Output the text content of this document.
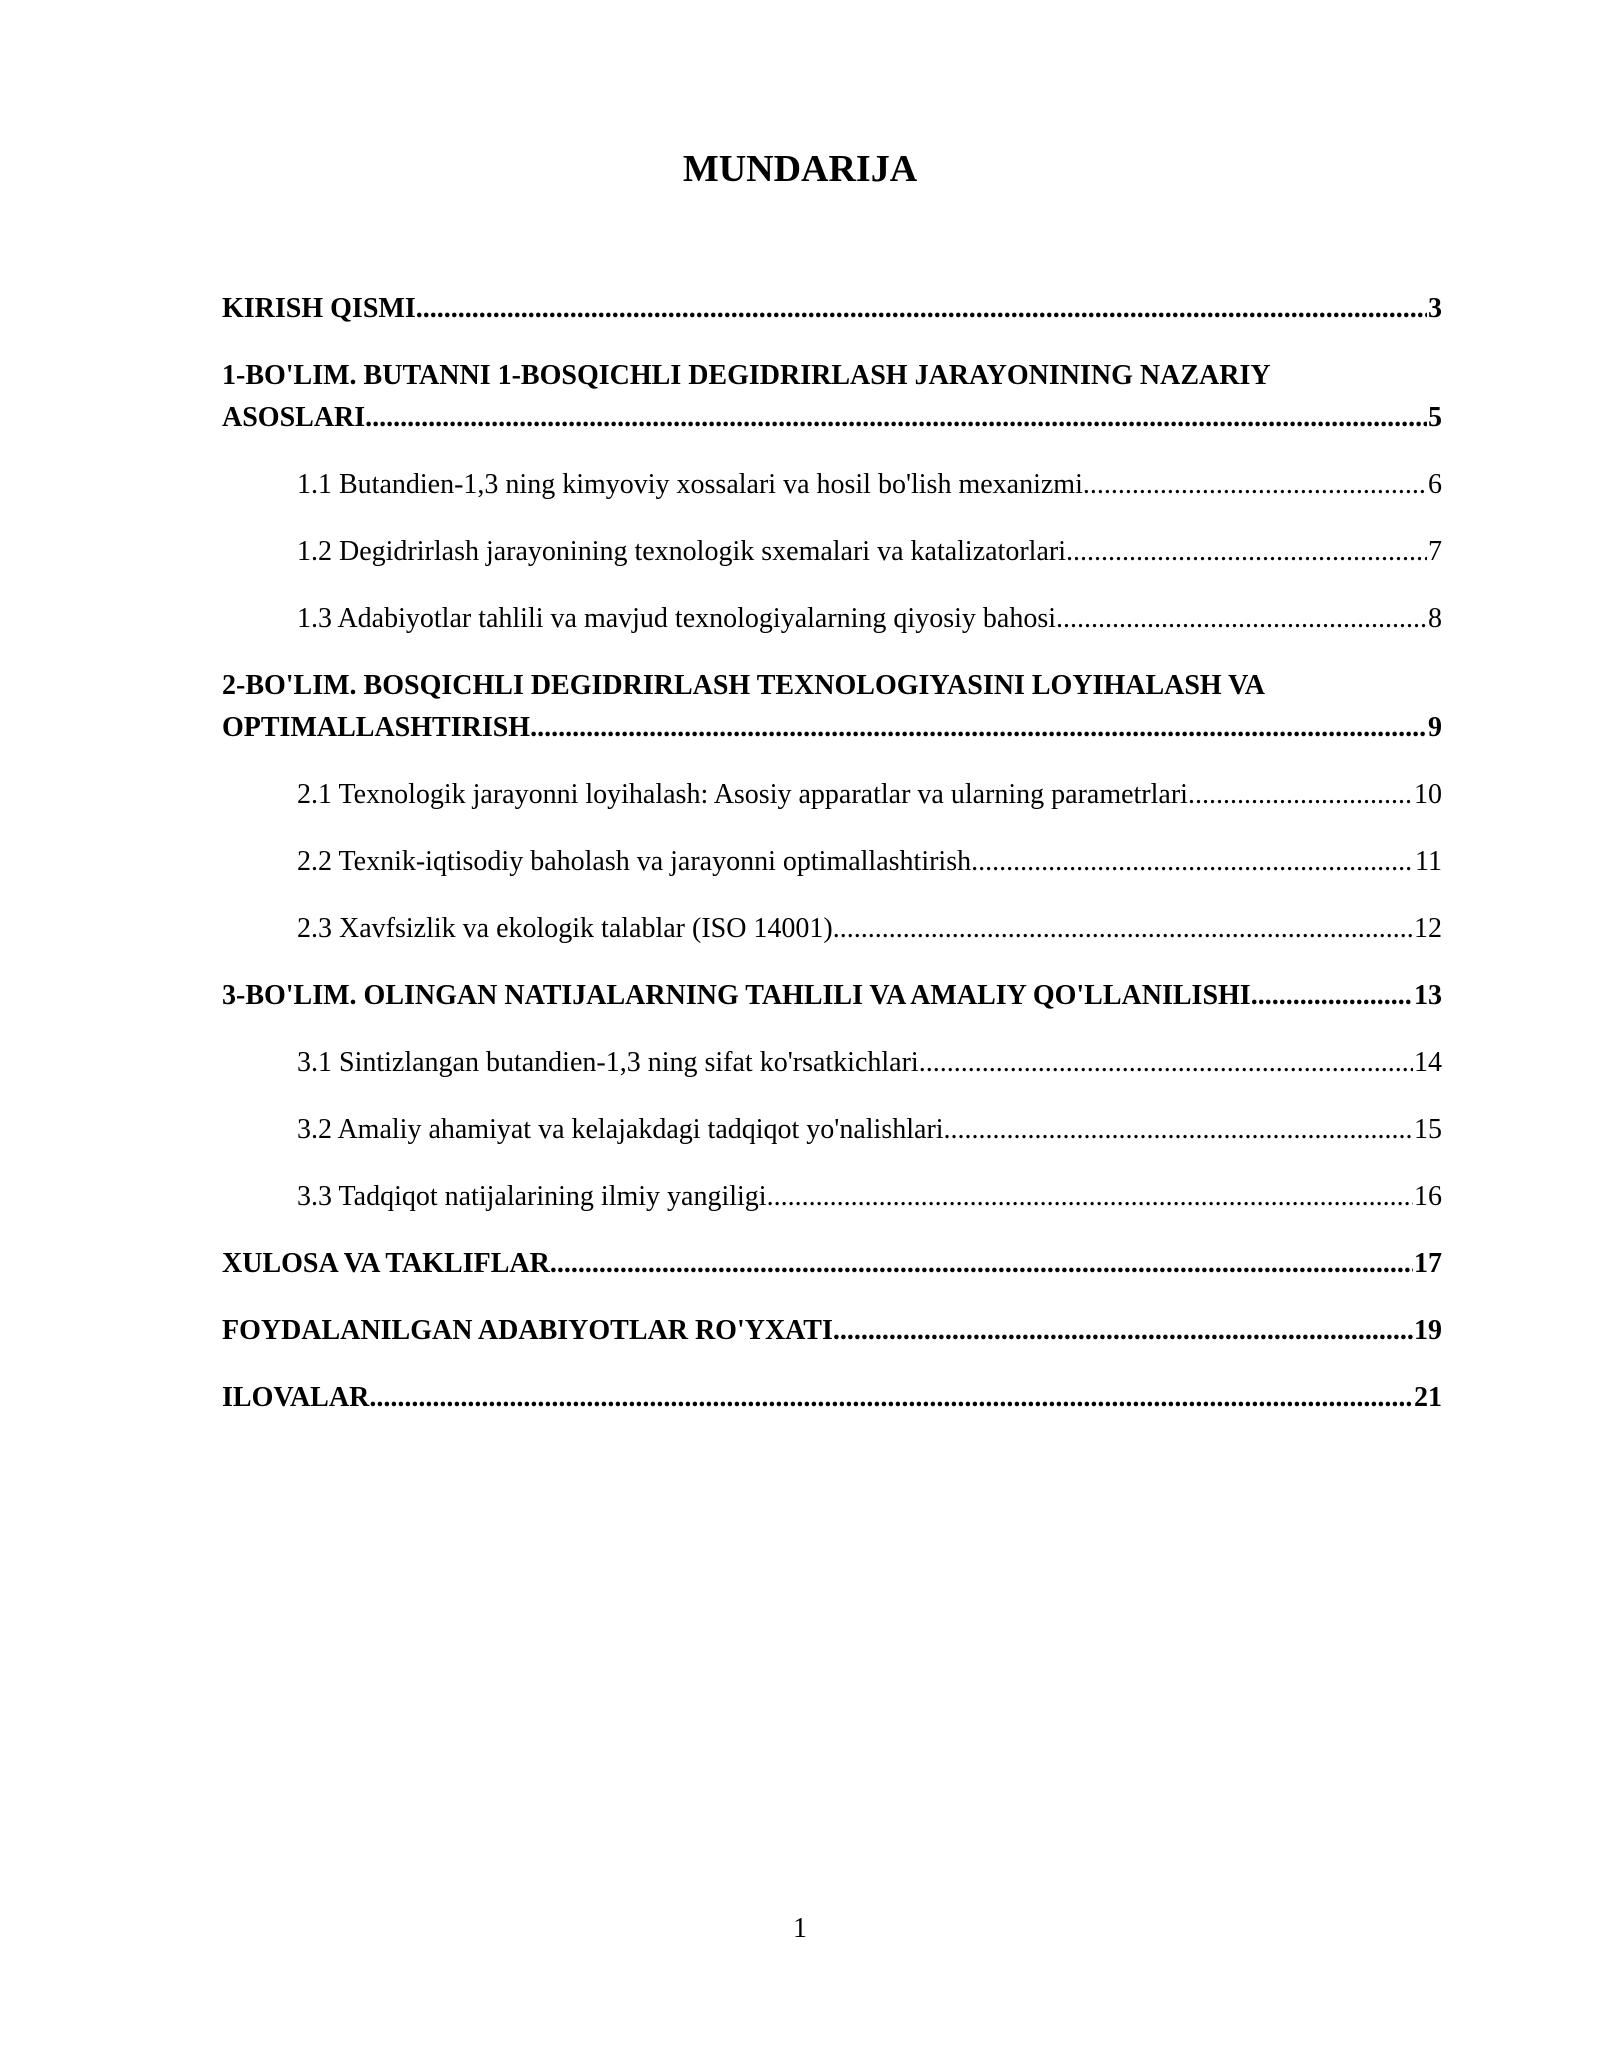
MUNDARIJA
KIRISH QISMI .....	3
1-BO'LIM. BUTANNI 1-BOSQICHLI DEGIDRIRLASH JARAYONINING NAZARIY
ASOSLARI .....	5
1.1 Butandien-1,3 ning kimyoviy xossalari va hosil bo'lish mexanizmi .....	6
1.2 Degidrirlash jarayonining texnologik sxemalari va katalizatorlari .....	7
1.3 Adabiyotlar tahlili va mavjud texnologiyalarning qiyosiy bahosi .....	8
2-BO'LIM. BOSQICHLI DEGIDRIRLASH TEXNOLOGIYASINI LOYIHALASH VA
OPTIMALLASHTIRISH .....	9
2.1 Texnologik jarayonni loyihalash: Asosiy apparatlar va ularning parametrlari .....	10
2.2 Texnik-iqtisodiy baholash va jarayonni optimallashtirish .....	11
2.3 Xavfsizlik va ekologik talablar (ISO 14001) .....	12
3-BO'LIM. OLINGAN NATIJALARNING TAHLILI VA AMALIY QO'LLANILISHI .....	13
3.1 Sintizlangan butandien-1,3 ning sifat ko'rsatkichlari .....	14
3.2 Amaliy ahamiyat va kelajakdagi tadqiqot yo'nalishlari .....	15
3.3 Tadqiqot natijalarining ilmiy yangiligi .....	16
XULOSA VA TAKLIFLAR .....	17
FOYDALANILGAN ADABIYOTLAR RO'YXATI .....	19
ILOVALAR .....	21
1
